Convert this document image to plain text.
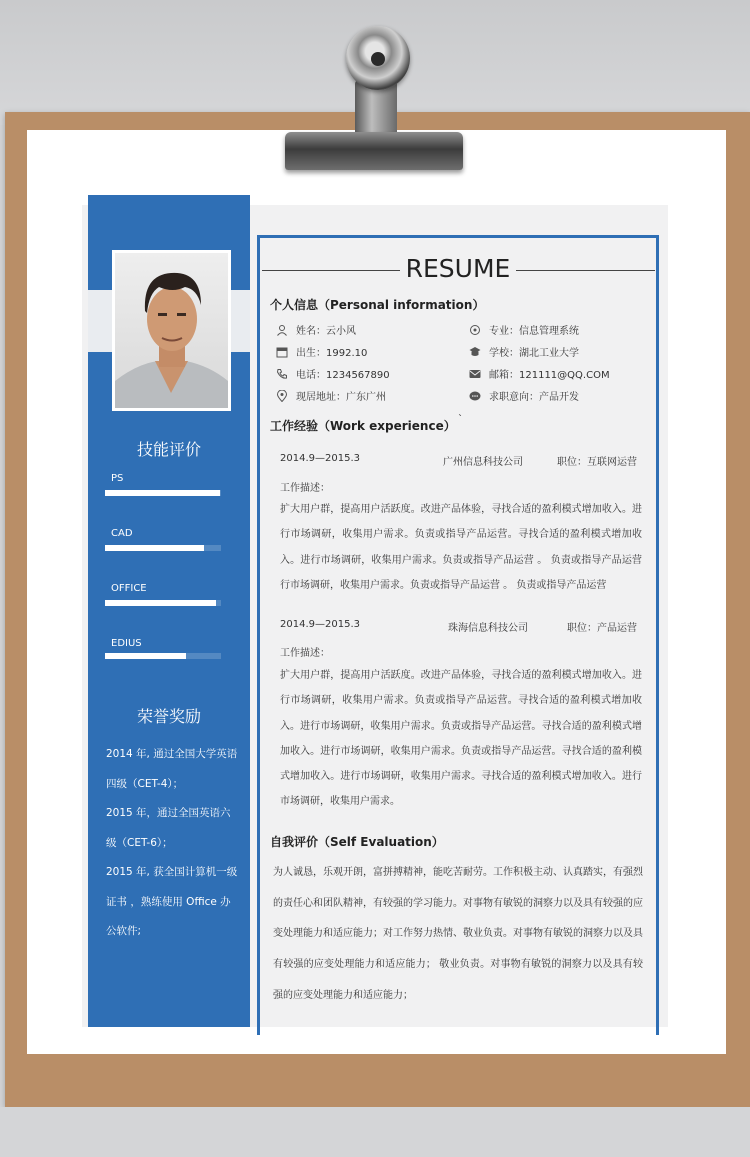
技能评价
PS
CAD
OFFICE
EDIUS
荣誉奖励
2014 年, 通过全国大学英语四级（CET-4）；
2015 年，通过全国英语六级（CET-6）；
2015 年, 获全国计算机一级证书 ，熟练使用 Office 办公软件;
RESUME
个人信息（Personal information）
姓名：云小风	专业：信息管理系统
出生：1992.10	学校：湖北工业大学
电话：1234567890	邮箱：121111@QQ.COM
现居地址：广东广州	求职意向：产品开发
工作经验（Work experience） `
2014.9—2015.3	广州信息科技公司	职位：互联网运营
工作描述：
扩大用户群，提高用户活跃度。改进产品体验，寻找合适的盈利模式增加收入。进行市场调研，收集用户需求。负责或指导产品运营。寻找合适的盈利模式增加收入。进行市场调研，收集用户需求。负责或指导产品运营 。 负责或指导产品运营 行市场调研，收集用户需求。负责或指导产品运营 。 负责或指导产品运营
2014.9—2015.3	珠海信息科技公司	职位：产品运营
工作描述：
扩大用户群，提高用户活跃度。改进产品体验，寻找合适的盈利模式增加收入。进行市场调研，收集用户需求。负责或指导产品运营。寻找合适的盈利模式增加收入。进行市场调研，收集用户需求。负责或指导产品运营。寻找合适的盈利模式增加收入。进行市场调研，收集用户需求。负责或指导产品运营。寻找合适的盈利模式增加收入。进行市场调研，收集用户需求。寻找合适的盈利模式增加收入。进行市场调研，收集用户需求。
自我评价（Self Evaluation）
为人诚恳，乐观开朗，富拼搏精神，能吃苦耐劳。工作积极主动、认真踏实，有强烈的责任心和团队精神，有较强的学习能力。对事物有敏锐的洞察力以及具有较强的应变处理能力和适应能力；对工作努力热情、敬业负责。对事物有敏锐的洞察力以及具有较强的应变处理能力和适应能力； 敬业负责。对事物有敏锐的洞察力以及具有较强的应变处理能力和适应能力；
